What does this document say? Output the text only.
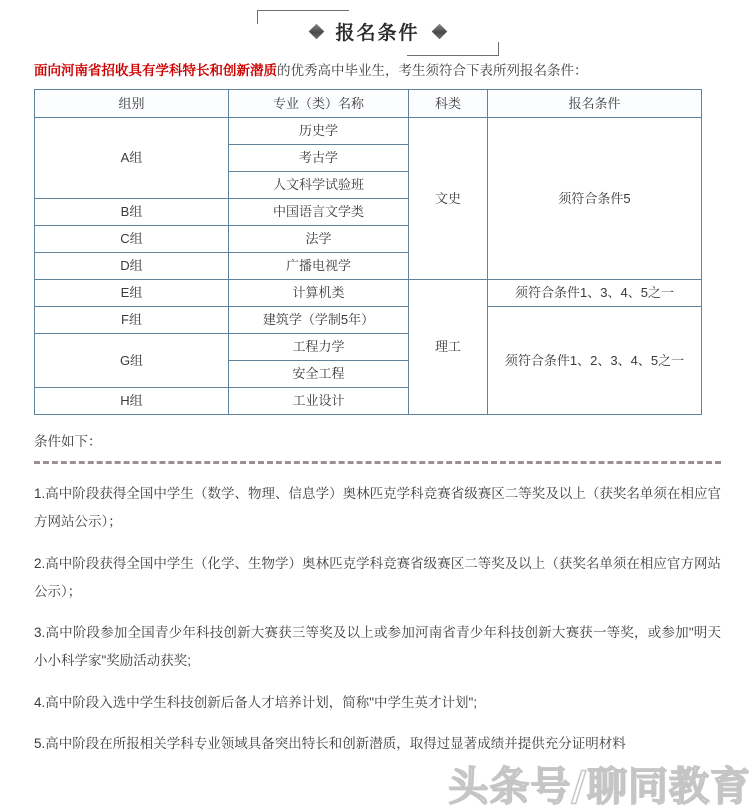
报名条件

面向河南省招收具有学科特长和创新潜质的优秀高中毕业生，考生须符合下表所列报名条件：

组别	专业（类）名称	科类	报名条件
A组	历史学	文史	须符合条件5
	考古学		
	人文科学试验班		
B组	中国语言文学类		
C组	法学		
D组	广播电视学		
E组	计算机类	理工	须符合条件1、3、4、5之一
F组	建筑学（学制5年）		须符合条件1、2、3、4、5之一
G组	工程力学		
	安全工程		
H组	工业设计		
条件如下：

1.高中阶段获得全国中学生（数学、物理、信息学）奥林匹克学科竞赛省级赛区二等奖及以上（获奖名单须在相应官方网站公示）；

2.高中阶段获得全国中学生（化学、生物学）奥林匹克学科竞赛省级赛区二等奖及以上（获奖名单须在相应官方网站公示）；

3.高中阶段参加全国青少年科技创新大赛获三等奖及以上或参加河南省青少年科技创新大赛获一等奖，或参加"明天小小科学家"奖励活动获奖;

4.高中阶段入选中学生科技创新后备人才培养计划，简称"中学生英才计划";

5.高中阶段在所报相关学科专业领域具备突出特长和创新潜质，取得过显著成绩并提供充分证明材料

头条号/聊同教育
